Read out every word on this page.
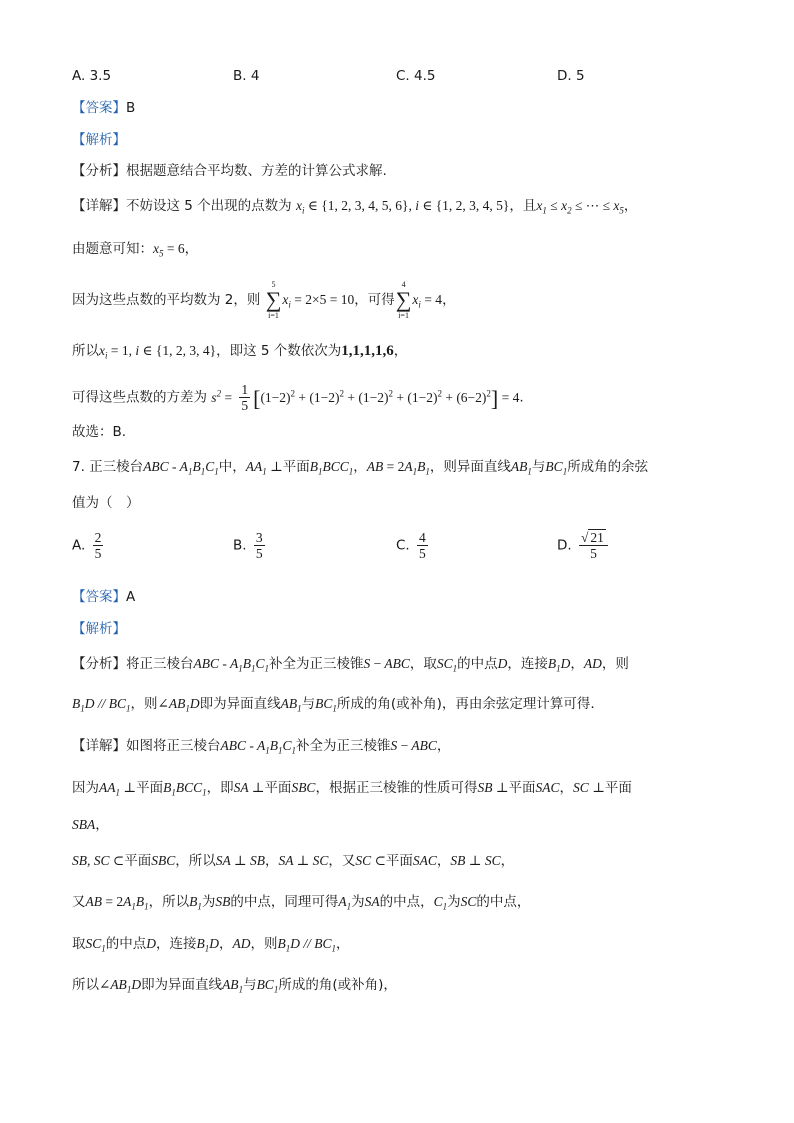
A. 3.5	B. 4	C. 4.5	D. 5
【答案】B
【解析】
【分析】根据题意结合平均数、方差的计算公式求解.
【详解】不妨设这 5 个出现的点数为 $x_i$ ∈ {1, 2, 3, 4, 5, 6}, i ∈ {1, 2, 3, 4, 5}，且$x_1 \le x_2$ ≤ ⋯ ≤ $x_5$，
由题意可知：$x_5 = 6$，
因为这些点数的平均数为 2，则
5
∑
i=1
$x_i = 2\times 5 = 10$，可得
4
∑
i=1
$x_i = 4$，
所以$x_i = 1$, i ∈ {1, 2, 3, 4}，即这 5 个数依次为1,1,1,1,6，
可得这些点数的方差为 $s^2 = \frac{1}{5} [(1-2)^2 + (1-2)^2 + (1-2)^2 + (1-2)^2 + (6-2)^2] = 4$.
故选：B.
7. 正三棱台ABC - $A_1B_1C_1$中，$AA_1$ ⊥平面$B_1BCC_1$，AB = $2A_1B_1$，则异面直线$AB_1$与$BC_1$所成角的余弦
值为（　）
A. $\frac{2}{5}$	B. $\frac{3}{5}$	C. $\frac{4}{5}$	D. $\frac{√ 21}{5}$
【答案】A
【解析】
【分析】将正三棱台ABC - $A_1B_1C_1$补全为正三棱锥S − ABC，取$SC_1$的中点D，连接$B_1D$，AD，则
$B_1D // BC_1$，则$\angle AB_1D$即为异面直线$AB_1$与$BC_1$所成的角(或补角)，再由余弦定理计算可得.
【详解】如图将正三棱台ABC - $A_1B_1C_1$补全为正三棱锥S − ABC，
因为$AA_1$ ⊥平面$B_1BCC_1$，即SA ⊥平面SBC，根据正三棱锥的性质可得SB ⊥平面SAC，SC ⊥平面
SBA，
SB, SC ⊂平面SBC，所以SA ⊥ SB，SA ⊥ SC，又SC ⊂平面SAC，SB ⊥ SC，
又AB = $2A_1B_1$，所以$B_1$为SB的中点，同理可得$A_1$为SA的中点，$C_1$为SC的中点，
取$SC_1$的中点D，连接$B_1D$，AD，则$B_1D // BC_1$，
所以$\angle AB_1D$即为异面直线$AB_1$与$BC_1$所成的角(或补角)，
